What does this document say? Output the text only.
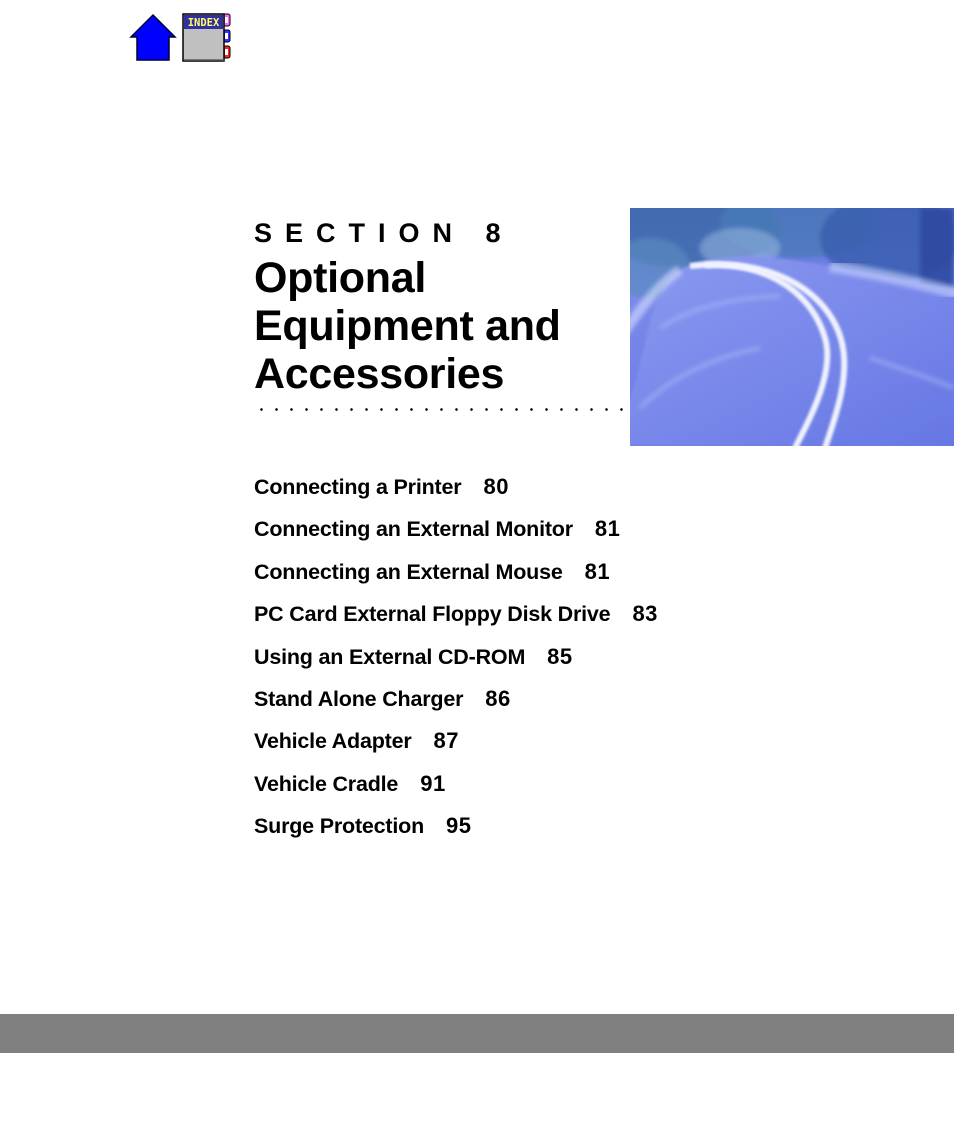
INDEX
SECTION 8
Optional Equipment and Accessories
Connecting a Printer 80
Connecting an External Monitor 81
Connecting an External Mouse 81
PC Card External Floppy Disk Drive 83
Using an External CD-ROM 85
Stand Alone Charger 86
Vehicle Adapter 87
Vehicle Cradle 91
Surge Protection 95
